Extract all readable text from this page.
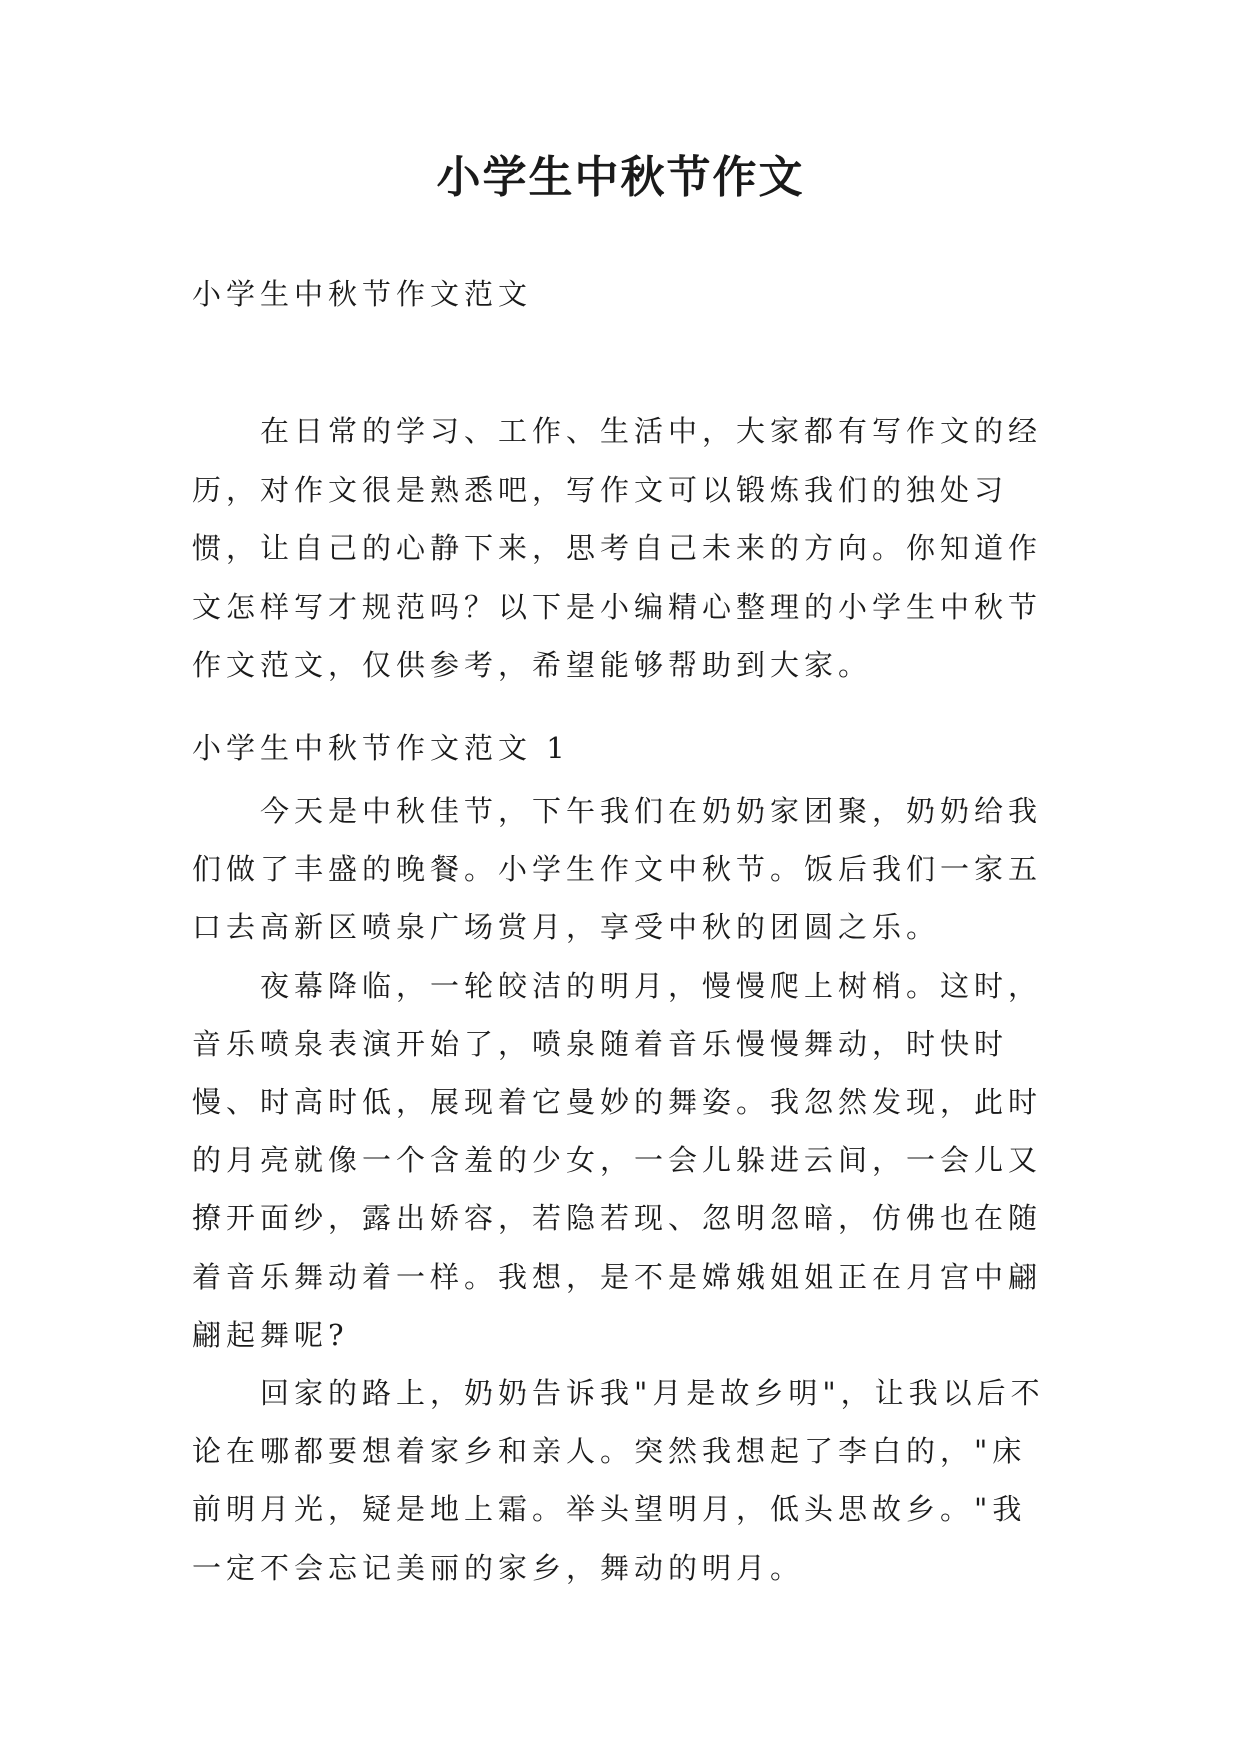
小学生中秋节作文
小学生中秋节作文范文

在日常的学习、工作、生活中，大家都有写作文的经历，对作文很是熟悉吧，写作文可以锻炼我们的独处习惯，让自己的心静下来，思考自己未来的方向。你知道作文怎样写才规范吗？以下是小编精心整理的小学生中秋节作文范文，仅供参考，希望能够帮助到大家。

小学生中秋节作文范文 1

今天是中秋佳节，下午我们在奶奶家团聚，奶奶给我们做了丰盛的晚餐。小学生作文中秋节。饭后我们一家五口去高新区喷泉广场赏月，享受中秋的团圆之乐。

夜幕降临，一轮皎洁的明月，慢慢爬上树梢。这时，音乐喷泉表演开始了，喷泉随着音乐慢慢舞动，时快时慢、时高时低，展现着它曼妙的舞姿。我忽然发现，此时的月亮就像一个含羞的少女，一会儿躲进云间，一会儿又撩开面纱，露出娇容，若隐若现、忽明忽暗，仿佛也在随着音乐舞动着一样。我想，是不是嫦娥姐姐正在月宫中翩翩起舞呢?

回家的路上，奶奶告诉我"月是故乡明"，让我以后不论在哪都要想着家乡和亲人。突然我想起了李白的，"床前明月光，疑是地上霜。举头望明月，低头思故乡。"我一定不会忘记美丽的家乡，舞动的明月。
